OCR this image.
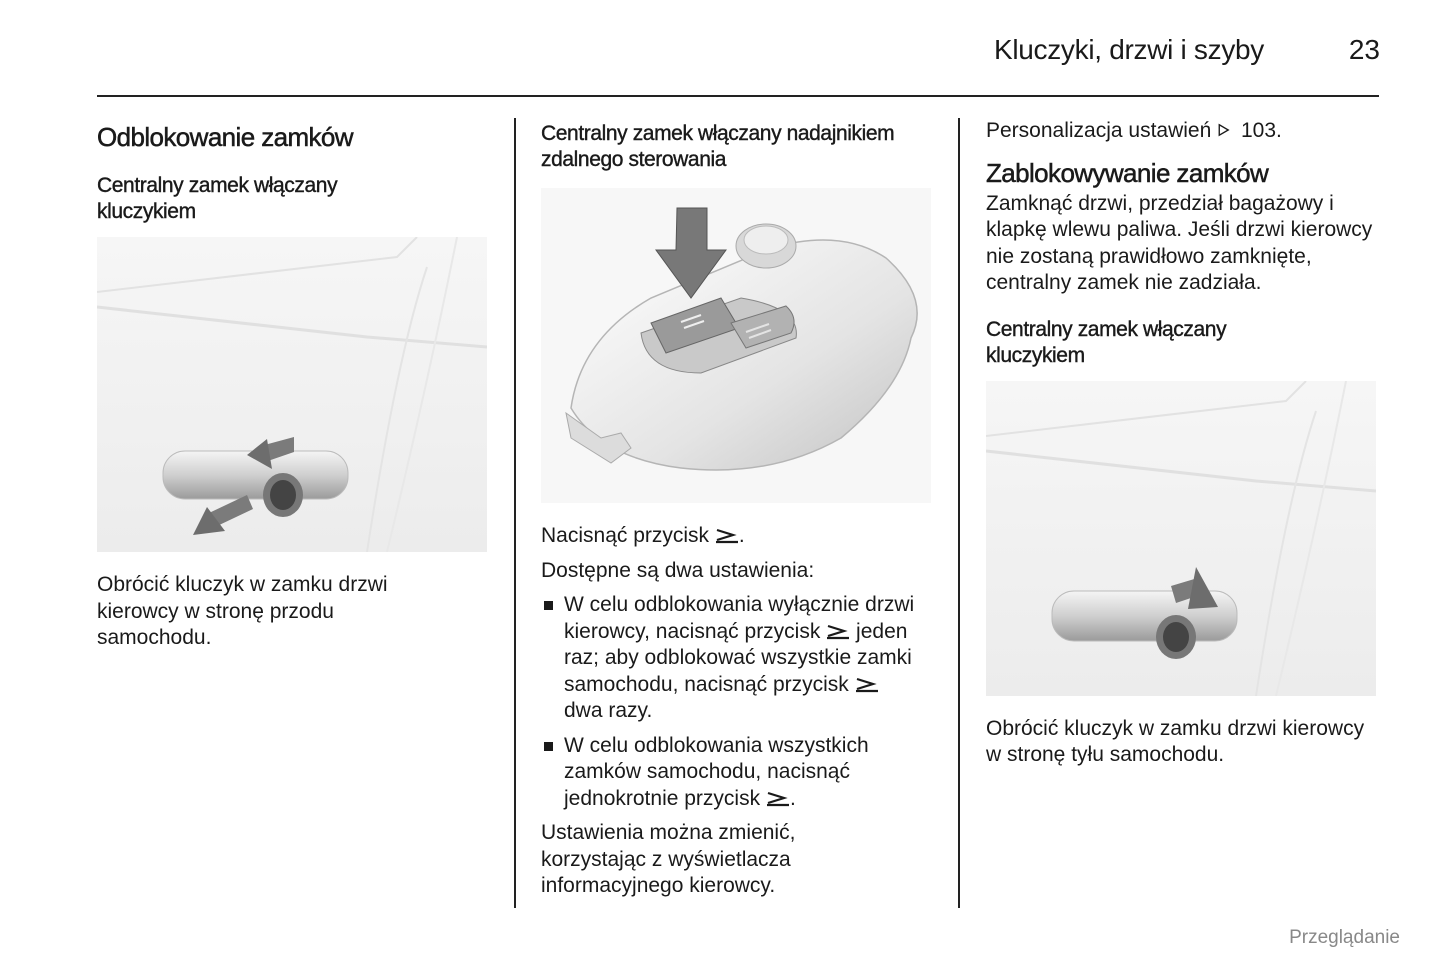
Kluczyki, drzwi i szyby	23
Odblokowanie zamków
Centralny zamek włączany kluczykiem

Obrócić kluczyk w zamku drzwi kierowcy w stronę przodu samochodu.

Centralny zamek włączany nadajnikiem zdalnego sterowania

Nacisnąć przycisk .

Dostępne są dwa ustawienia:

W celu odblokowania wyłącznie drzwi kierowcy, nacisnąć przycisk jeden raz; aby odblokować wszystkie zamki samochodu, nacisnąć przycisk  dwa razy.
W celu odblokowania wszystkich zamków samochodu, nacisnąć jednokrotnie przycisk .

Ustawienia można zmienić, korzystając z wyświetlacza informacyjnego kierowcy.

Personalizacja ustawień 103.

Zablokowywanie zamków

Zamknąć drzwi, przedział bagażowy i klapkę wlewu paliwa. Jeśli drzwi kierowcy nie zostaną prawidłowo zamknięte, centralny zamek nie zadziała.

Centralny zamek włączany kluczykiem

Obrócić kluczyk w zamku drzwi kierowcy w stronę tyłu samochodu.

Przeglądanie
